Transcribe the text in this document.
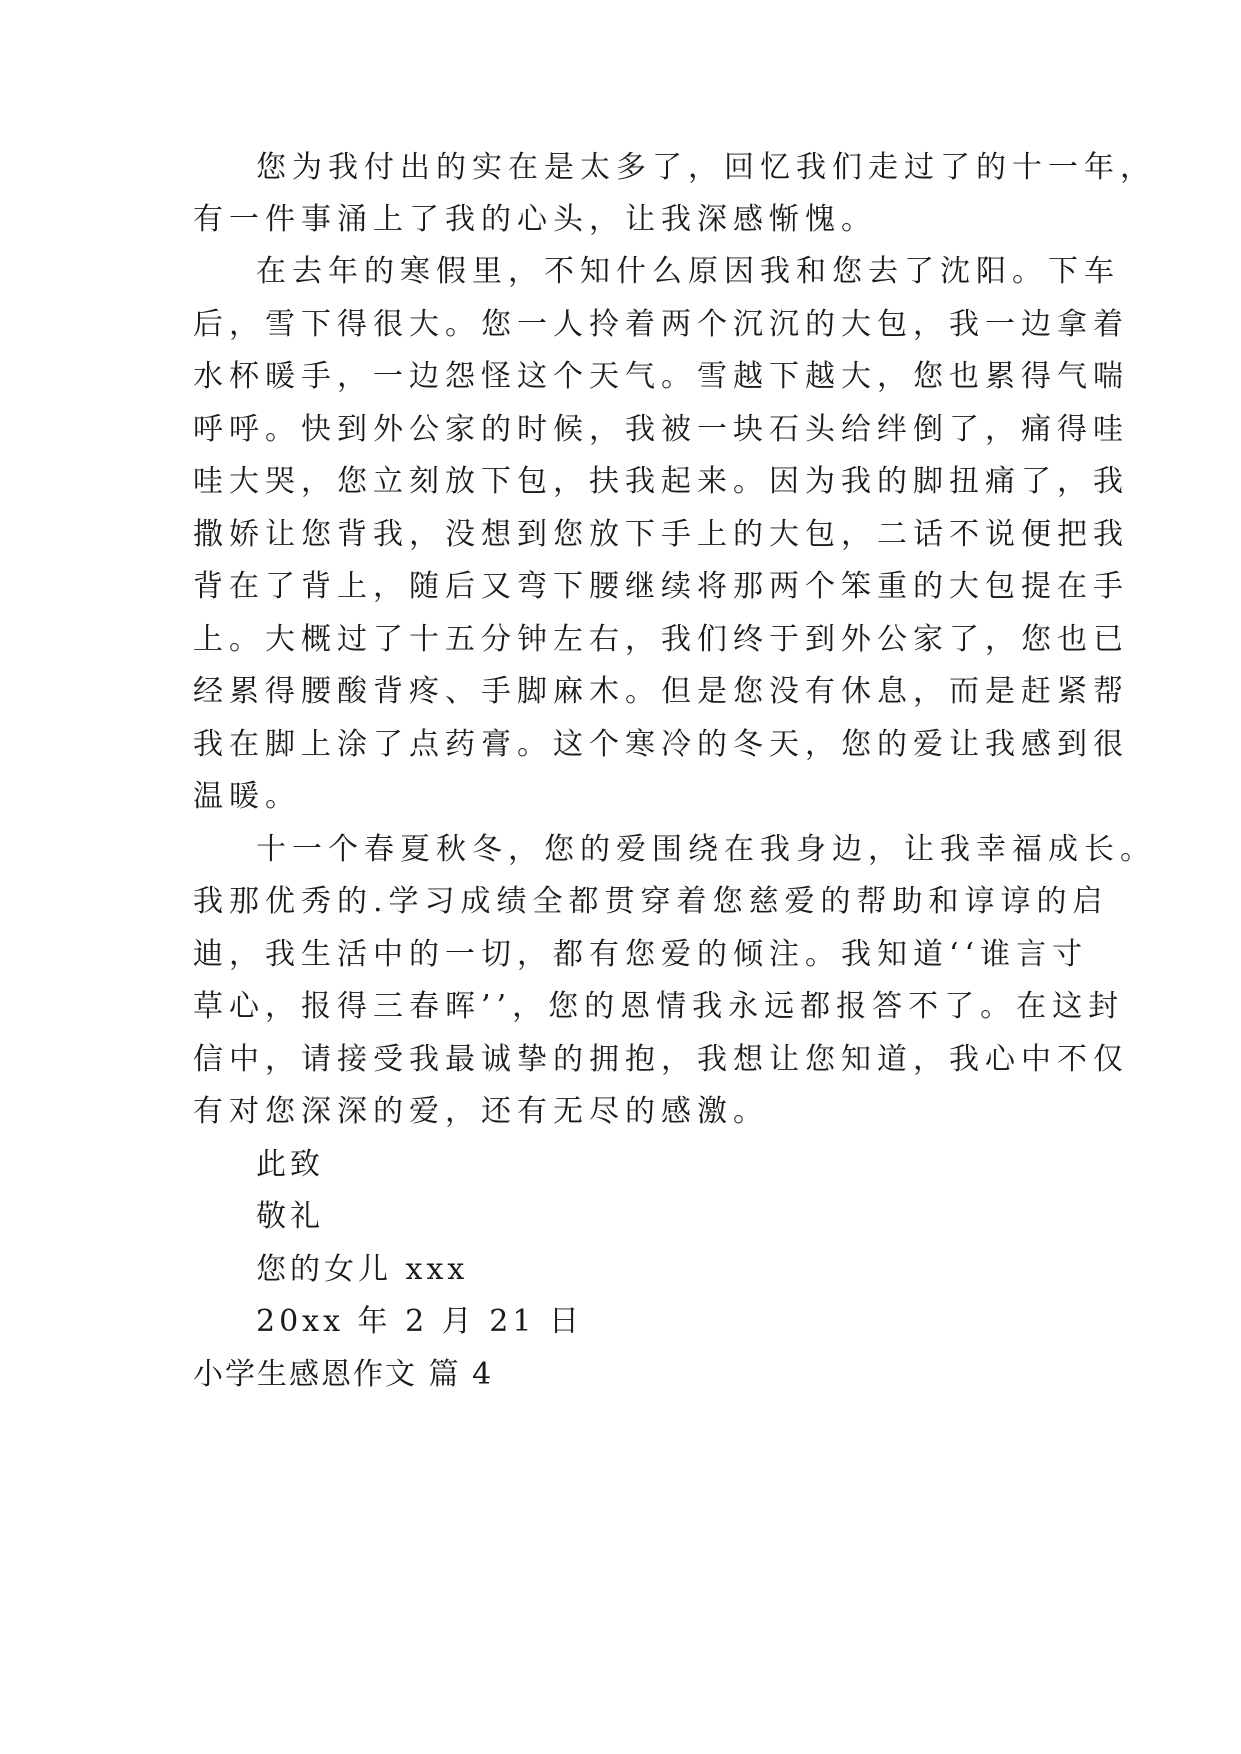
您为我付出的实在是太多了，回忆我们走过了的十一年，
有一件事涌上了我的心头，让我深感惭愧。
在去年的寒假里，不知什么原因我和您去了沈阳。下车
后，雪下得很大。您一人拎着两个沉沉的大包，我一边拿着
水杯暖手，一边怨怪这个天气。雪越下越大，您也累得气喘
呼呼。快到外公家的时候，我被一块石头给绊倒了，痛得哇
哇大哭，您立刻放下包，扶我起来。因为我的脚扭痛了，我
撒娇让您背我，没想到您放下手上的大包，二话不说便把我
背在了背上，随后又弯下腰继续将那两个笨重的大包提在手
上。大概过了十五分钟左右，我们终于到外公家了，您也已
经累得腰酸背疼、手脚麻木。但是您没有休息，而是赶紧帮
我在脚上涂了点药膏。这个寒冷的冬天，您的爱让我感到很
温暖。
十一个春夏秋冬，您的爱围绕在我身边，让我幸福成长。
我那优秀的.学习成绩全都贯穿着您慈爱的帮助和谆谆的启
迪，我生活中的一切，都有您爱的倾注。我知道‘‘谁言寸
草心，报得三春晖’’，您的恩情我永远都报答不了。在这封
信中，请接受我最诚挚的拥抱，我想让您知道，我心中不仅
有对您深深的爱，还有无尽的感激。
此致
敬礼
您的女儿 xxx
20xx 年 2 月 21 日
小学生感恩作文 篇 4
